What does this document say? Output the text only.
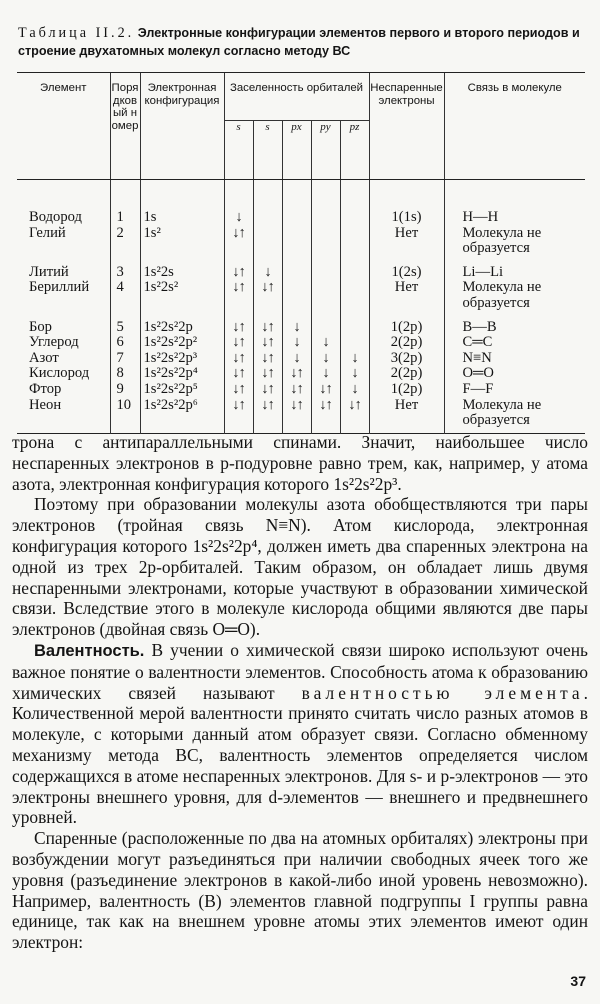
Таблица II.2. Электронные конфигурации элементов первого и второго периодов и строение двухатомных молекул согласно методу ВС
Элемент	Порядковый номер	Электронная конфигурация	Заселенность орбиталей					Неспаренные электроны	Связь в молекуле
			s	s	px	py	pz		

Водород	1	1s	↓					1(1s)	H—H
Гелий	2	1s²	↓↑					Нет	Молекула не образуется

Литий	3	1s²2s	↓↑	↓				1(2s)	Li—Li
Бериллий	4	1s²2s²	↓↑	↓↑				Нет	Молекула не образуется

Бор	5	1s²2s²2p	↓↑	↓↑	↓			1(2p)	B—B
Углерод	6	1s²2s²2p²	↓↑	↓↑	↓	↓		2(2p)	C═C
Азот	7	1s²2s²2p³	↓↑	↓↑	↓	↓	↓	3(2p)	N≡N
Кислород	8	1s²2s²2p⁴	↓↑	↓↑	↓↑	↓	↓	2(2p)	O═O
Фтор	9	1s²2s²2p⁵	↓↑	↓↑	↓↑	↓↑	↓	1(2p)	F—F
Неон	10	1s²2s²2p⁶	↓↑	↓↑	↓↑	↓↑	↓↑	Нет	Молекула не образуется

трона с антипараллельными спинами. Значит, наибольшее число неспаренных электронов в p-подуровне равно трем, как, например, у атома азота, электронная конфигурация которого 1s²2s²2p³.

Поэтому при образовании молекулы азота обобществляются три пары электронов (тройная связь N≡N). Атом кислорода, электронная конфигурация которого 1s²2s²2p⁴, должен иметь два спаренных электрона на одной из трех 2p-орбиталей. Таким образом, он обладает лишь двумя неспаренными электронами, которые участвуют в образовании химической связи. Вследствие этого в молекуле кислорода общими являются две пары электронов (двойная связь O═O).

Валентность. В учении о химической связи широко используют очень важное понятие о валентности элементов. Способность атома к образованию химических связей называют валентностью элемента. Количественной мерой валентности принято считать число разных атомов в молекуле, с которыми данный атом образует связи. Согласно обменному механизму метода ВС, валентность элементов определяется числом содержащихся в атоме неспаренных электронов. Для s- и p-электронов — это электроны внешнего уровня, для d-элементов — внешнего и предвнешнего уровней.

Спаренные (расположенные по два на атомных орбиталях) электроны при возбуждении могут разъединяться при наличии свободных ячеек того же уровня (разъединение электронов в какой-либо иной уровень невозможно). Например, валентность (В) элементов главной подгруппы I группы равна единице, так как на внешнем уровне атомы этих элементов имеют один электрон:

37
